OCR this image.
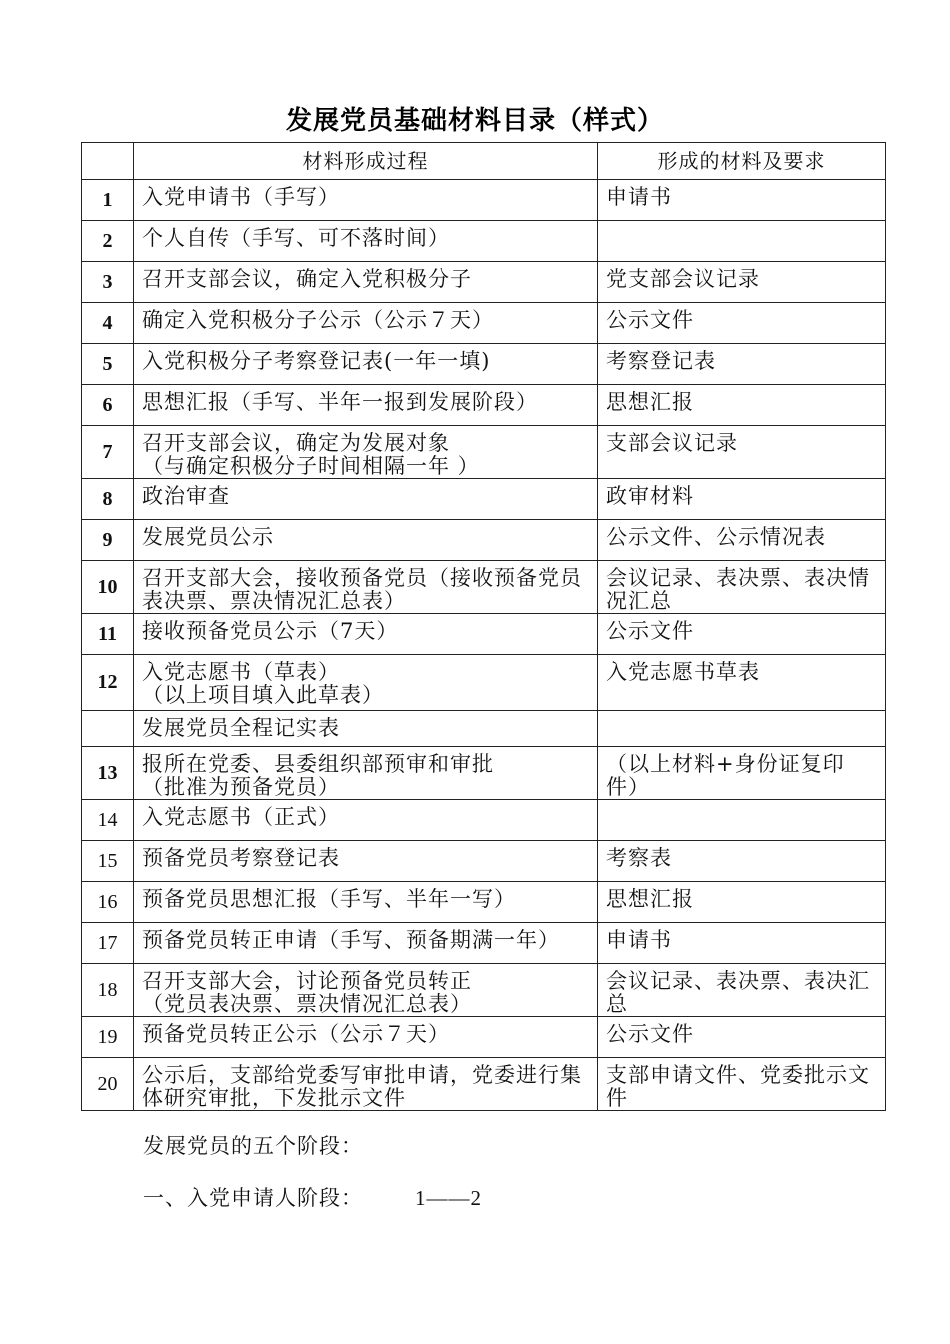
发展党员基础材料目录（样式）
	材料形成过程	形成的材料及要求
1	入党申请书（手写）	申请书

2	个人自传（手写、可不落时间）	

3	召开支部会议，确定入党积极分子	党支部会议记录

4	确定入党积极分子公示（公示７天）	公示文件

5	入党积极分子考察登记表(一年一填)	考察登记表

6	思想汇报（手写、半年一报到发展阶段）	思想汇报

7	召开支部会议，确定为发展对象
（与确定积极分子时间相隔一年 ）	支部会议记录

8	政治审查	政审材料

9	发展党员公示	公示文件、公示情况表

10	召开支部大会，接收预备党员（接收预备党员表决票、票决情况汇总表）	会议记录、表决票、表决情况汇总

11	接收预备党员公示（7天）	公示文件

12	入党志愿书（草表）
（以上项目填入此草表）	入党志愿书草表

	发展党员全程记实表	

13	报所在党委、县委组织部预审和审批
（批准为预备党员）	（以上材料+身份证复印件）

14	入党志愿书（正式）	

15	预备党员考察登记表	考察表

16	预备党员思想汇报（手写、半年一写）	思想汇报

17	预备党员转正申请（手写、预备期满一年）	申请书

18	召开支部大会，讨论预备党员转正
（党员表决票、票决情况汇总表）	会议记录、表决票、表决汇总

19	预备党员转正公示（公示７天）	公示文件

20	公示后，支部给党委写审批申请，党委进行集体研究审批，下发批示文件	支部申请文件、党委批示文件
发展党员的五个阶段：
一、入党申请人阶段： 1——2
